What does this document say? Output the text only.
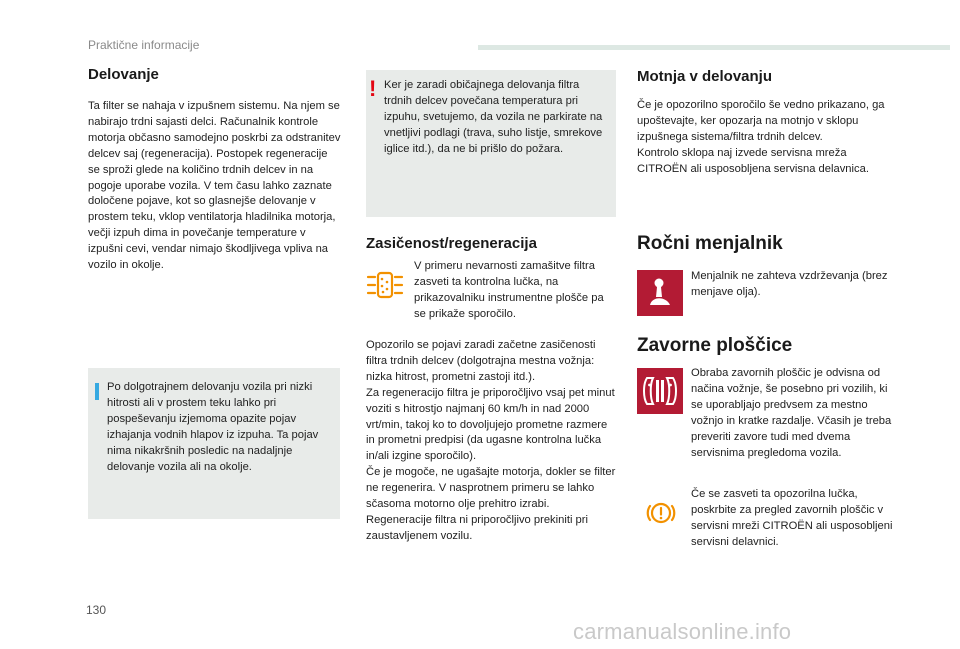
Praktične informacije
Delovanje

Ta filter se nahaja v izpušnem sistemu. Na njem se nabirajo trdni sajasti delci. Računalnik kontrole motorja občasno samodejno poskrbi za odstranitev delcev saj (regeneracija). Postopek regeneracije se sproži glede na količino trdnih delcev in na pogoje uporabe vozila. V tem času lahko zaznate določene pojave, kot so glasnejše delovanje v prostem teku, vklop ventilatorja hladilnika motorja, večji izpuh dima in povečanje temperature v izpušni cevi, vendar nimajo škodljivega vpliva na vozilo in okolje.

Po dolgotrajnem delovanju vozila pri nizki hitrosti ali v prostem teku lahko pri pospeševanju izjemoma opazite pojav izhajanja vodnih hlapov iz izpuha. Ta pojav nima nikakršnih posledic na nadaljnje delovanje vozila ali na okolje.

! Ker je zaradi običajnega delovanja filtra trdnih delcev povečana temperatura pri izpuhu, svetujemo, da vozila ne parkirate na vnetljivi podlagi (trava, suho listje, smrekove iglice itd.), da ne bi prišlo do požara.

Zasičenost/regeneracija

V primeru nevarnosti zamašitve filtra zasveti ta kontrolna lučka, na prikazovalniku instrumentne plošče pa se prikaže sporočilo.

Opozorilo se pojavi zaradi začetne zasičenosti filtra trdnih delcev (dolgotrajna mestna vožnja: nizka hitrost, prometni zastoji itd.).
Za regeneracijo filtra je priporočljivo vsaj pet minut voziti s hitrostjo najmanj 60 km/h in nad 2000 vrt/min, takoj ko to dovoljujejo prometne razmere in prometni predpisi (da ugasne kontrolna lučka in/ali izgine sporočilo).
Če je mogoče, ne ugašajte motorja, dokler se filter ne regenerira. V nasprotnem primeru se lahko sčasoma motorno olje prehitro izrabi. Regeneracije filtra ni priporočljivo prekiniti pri zaustavljenem vozilu.

Motnja v delovanju

Če je opozorilno sporočilo še vedno prikazano, ga upoštevajte, ker opozarja na motnjo v sklopu izpušnega sistema/filtra trdnih delcev.
Kontrolo sklopa naj izvede servisna mreža CITROËN ali usposobljena servisna delavnica.

Ročni menjalnik

Menjalnik ne zahteva vzdrževanja (brez menjave olja).

Zavorne ploščice

Obraba zavornih ploščic je odvisna od načina vožnje, še posebno pri vozilih, ki se uporabljajo predvsem za mestno vožnjo in kratke razdalje. Včasih je treba preveriti zavore tudi med dvema servisnima pregledoma vozila.

Če se zasveti ta opozorilna lučka, poskrbite za pregled zavornih ploščic v servisni mreži CITROËN ali usposobljeni servisni delavnici.

130
carmanualsonline.info
